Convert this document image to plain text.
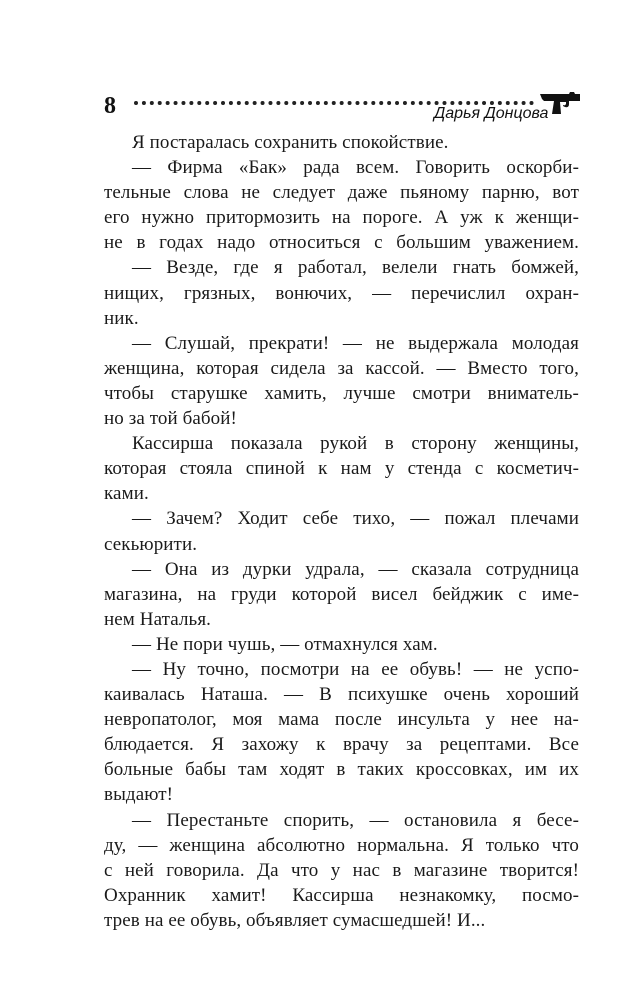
8	Дарья Донцова
Я постаралась сохранить спокойствие.
— Фирма «Бак» рада всем. Говорить оскорби-
тельные слова не следует даже пьяному парню, вот
его нужно притормозить на пороге. А уж к женщи-
не в годах надо относиться с большим уважением.
— Везде, где я работал, велели гнать бомжей,
нищих, грязных, вонючих, — перечислил охран-
ник.
— Слушай, прекрати! — не выдержала молодая
женщина, которая сидела за кассой. — Вместо того,
чтобы старушке хамить, лучше смотри вниматель-
но за той бабой!
Кассирша показала рукой в сторону женщины,
которая стояла спиной к нам у стенда с косметич-
ками.
— Зачем? Ходит себе тихо, — пожал плечами
секьюрити.
— Она из дурки удрала, — сказала сотрудница
магазина, на груди которой висел бейджик с име-
нем Наталья.
— Не пори чушь, — отмахнулся хам.
— Ну точно, посмотри на ее обувь! — не успо-
каивалась Наташа. — В психушке очень хороший
невропатолог, моя мама после инсульта у нее на-
блюдается. Я захожу к врачу за рецептами. Все
больные бабы там ходят в таких кроссовках, им их
выдают!
— Перестаньте спорить, — остановила я бесе-
ду, — женщина абсолютно нормальна. Я только что
с ней говорила. Да что у нас в магазине творится!
Охранник хамит! Кассирша незнакомку, посмо-
трев на ее обувь, объявляет сумасшедшей! И...
